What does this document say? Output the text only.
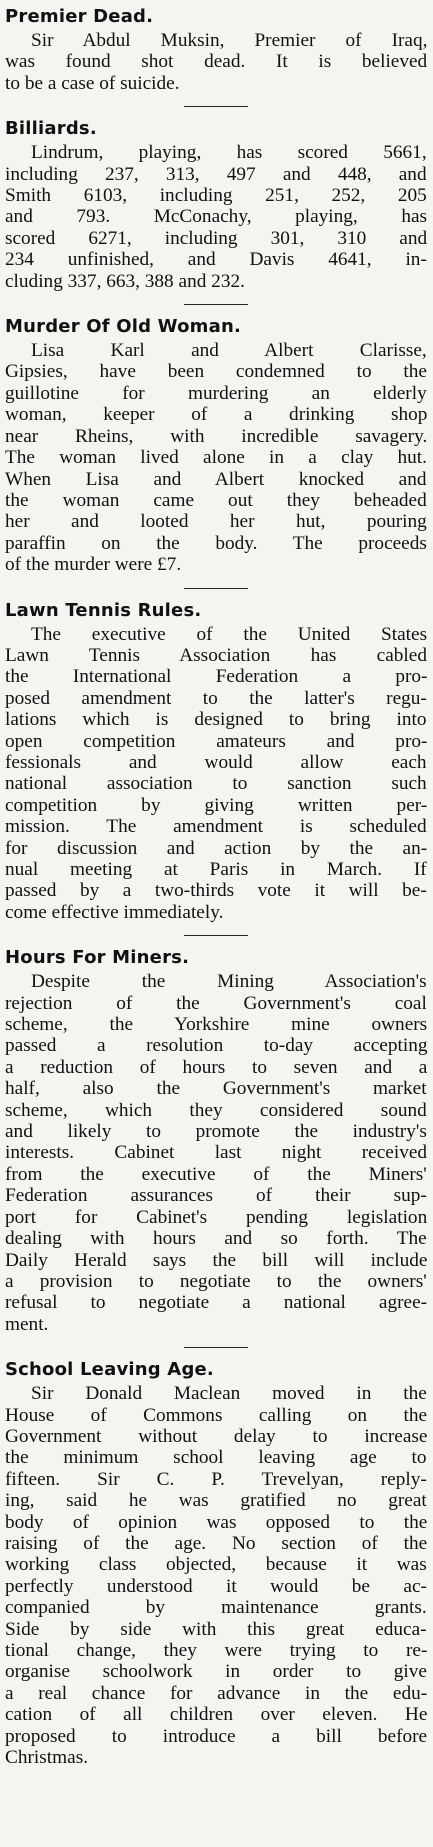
Premier Dead.
Sir Abdul Muksin, Premier of Iraq,
was found shot dead. It is believed
to be a case of suicide.
Billiards.
Lindrum, playing, has scored 5661,
including 237, 313, 497 and 448, and
Smith 6103, including 251, 252, 205
and 793. McConachy, playing, has
scored 6271, including 301, 310 and
234 unfinished, and Davis 4641, in-
cluding 337, 663, 388 and 232.
Murder Of Old Woman.
Lisa Karl and Albert Clarisse,
Gipsies, have been condemned to the
guillotine for murdering an elderly
woman, keeper of a drinking shop
near Rheins, with incredible savagery.
The woman lived alone in a clay hut.
When Lisa and Albert knocked and
the woman came out they beheaded
her and looted her hut, pouring
paraffin on the body. The proceeds
of the murder were £7.
Lawn Tennis Rules.
The executive of the United States
Lawn Tennis Association has cabled
the International Federation a pro-
posed amendment to the latter's regu-
lations which is designed to bring into
open competition amateurs and pro-
fessionals and would allow each
national association to sanction such
competition by giving written per-
mission. The amendment is scheduled
for discussion and action by the an-
nual meeting at Paris in March. If
passed by a two-thirds vote it will be-
come effective immediately.
Hours For Miners.
Despite the Mining Association's
rejection of the Government's coal
scheme, the Yorkshire mine owners
passed a resolution to-day accepting
a reduction of hours to seven and a
half, also the Government's market
scheme, which they considered sound
and likely to promote the industry's
interests. Cabinet last night received
from the executive of the Miners'
Federation assurances of their sup-
port for Cabinet's pending legislation
dealing with hours and so forth. The
Daily Herald says the bill will include
a provision to negotiate to the owners'
refusal to negotiate a national agree-
ment.
School Leaving Age.
Sir Donald Maclean moved in the
House of Commons calling on the
Government without delay to increase
the minimum school leaving age to
fifteen. Sir C. P. Trevelyan, reply-
ing, said he was gratified no great
body of opinion was opposed to the
raising of the age. No section of the
working class objected, because it was
perfectly understood it would be ac-
companied by maintenance grants.
Side by side with this great educa-
tional change, they were trying to re-
organise schoolwork in order to give
a real chance for advance in the edu-
cation of all children over eleven. He
proposed to introduce a bill before
Christmas.
